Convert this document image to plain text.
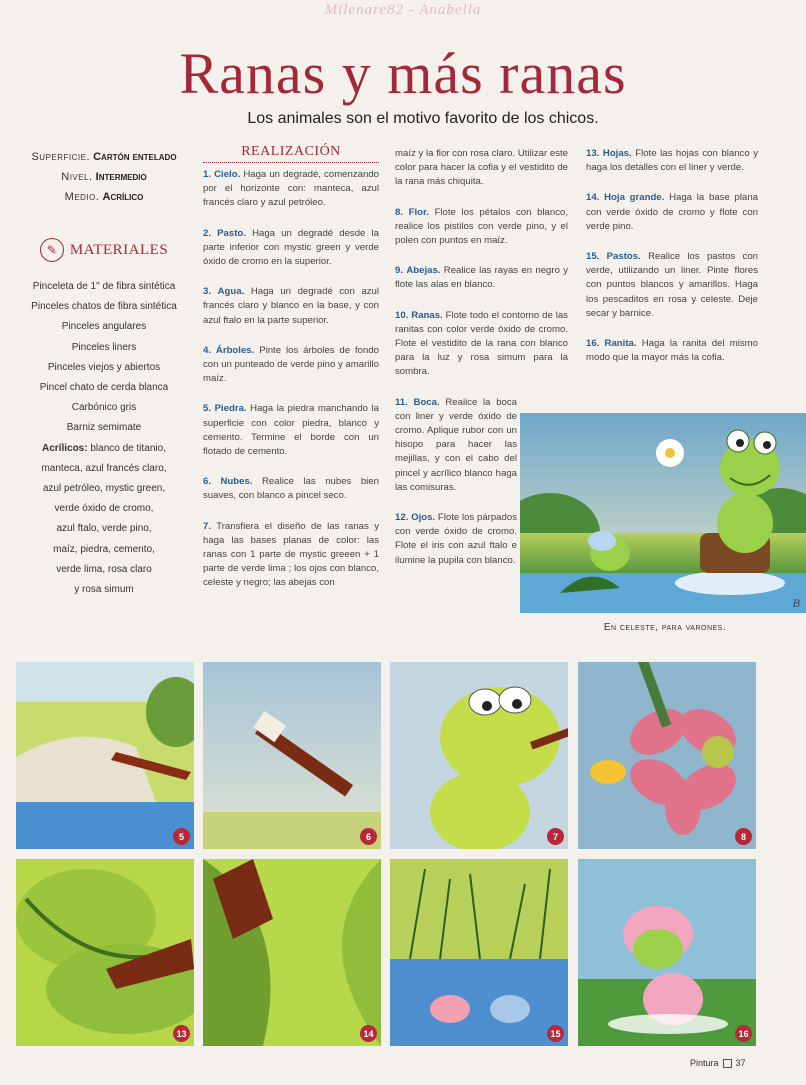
Milenare82 - Anabella
Ranas y más ranas
Los animales son el motivo favorito de los chicos.
Superficie. Cartón entelado
Nivel. Intermedio
Medio. Acrílico
✎ MATERIALES
Pinceleta de 1" de fibra sintética
Pinceles chatos de fibra sintética
Pinceles angulares
Pinceles liners
Pinceles viejos y abiertos
Pincel chato de cerda blanca
Carbónico gris
Barniz semimate
Acrílicos: blanco de titanio,
manteca, azul francés claro,
azul petróleo, mystic green,
verde óxido de cromo,
azul ftalo, verde pino,
maíz, piedra, cemento,
verde lima, rosa claro
y rosa simum
REALIZACIÓN

1. Cielo. Haga un degradé, comenzando por el horizonte con: manteca, azul francés claro y azul petróleo.

2. Pasto. Haga un degradé desde la parte inferior con mystic green y verde óxido de cromo en la superior.

3. Agua. Haga un degradé con azul francés claro y blanco en la base, y con azul ftalo en la parte superior.

4. Árboles. Pinte los árboles de fondo con un punteado de verde pino y amarillo maíz.

5. Piedra. Haga la piedra manchando la superficie con color piedra, blanco y cemento. Termine el borde con un flotado de cemento.

6. Nubes. Realice las nubes bien suaves, con blanco a pincel seco.

7. Transfiera el diseño de las ranas y haga las bases planas de color: las ranas con 1 parte de mystic greeen + 1 parte de verde lima ; los ojos con blanco, celeste y negro; las abejas con

maíz y la flor con rosa claro. Utilizar este color para hacer la cofia y el vestidito de la rana más chiquita.

8. Flor. Flote los pétalos con blanco, realice los pistilos con verde pino, y el polen con puntos en maíz.

9. Abejas. Realice las rayas en negro y flote las alas en blanco.

10. Ranas. Flote todo el contorno de las ranitas con color verde óxido de cromo. Flote el vestidito de la rana con blanco para la luz y rosa simum para la sombra.

11. Boca. Realice la boca con liner y verde óxido de cromo. Aplique rubor con un hisopo para hacer las mejillas, y con el cabo del pincel y acrílico blanco haga las comisuras.

12. Ojos. Flote los párpados con verde óxido de cromo. Flote el iris con azul ftalo e ilumine la pupila con blanco.

13. Hojas. Flote las hojas con blanco y haga los detalles con el liner y verde.

14. Hoja grande. Haga la base plana con verde óxido de cromo y flote con verde pino.

15. Pastos. Realice los pastos con verde, utilizando un liner. Pinte flores con puntos blancos y amarillos. Haga los pescaditos en rosa y celeste. Deje secar y barnice.

16. Ranita. Haga la ranita del mismo modo que la mayor más la cofia.

B
En celeste, para varones.
5	6	7	8
13	14	15	16
Pintura 37
